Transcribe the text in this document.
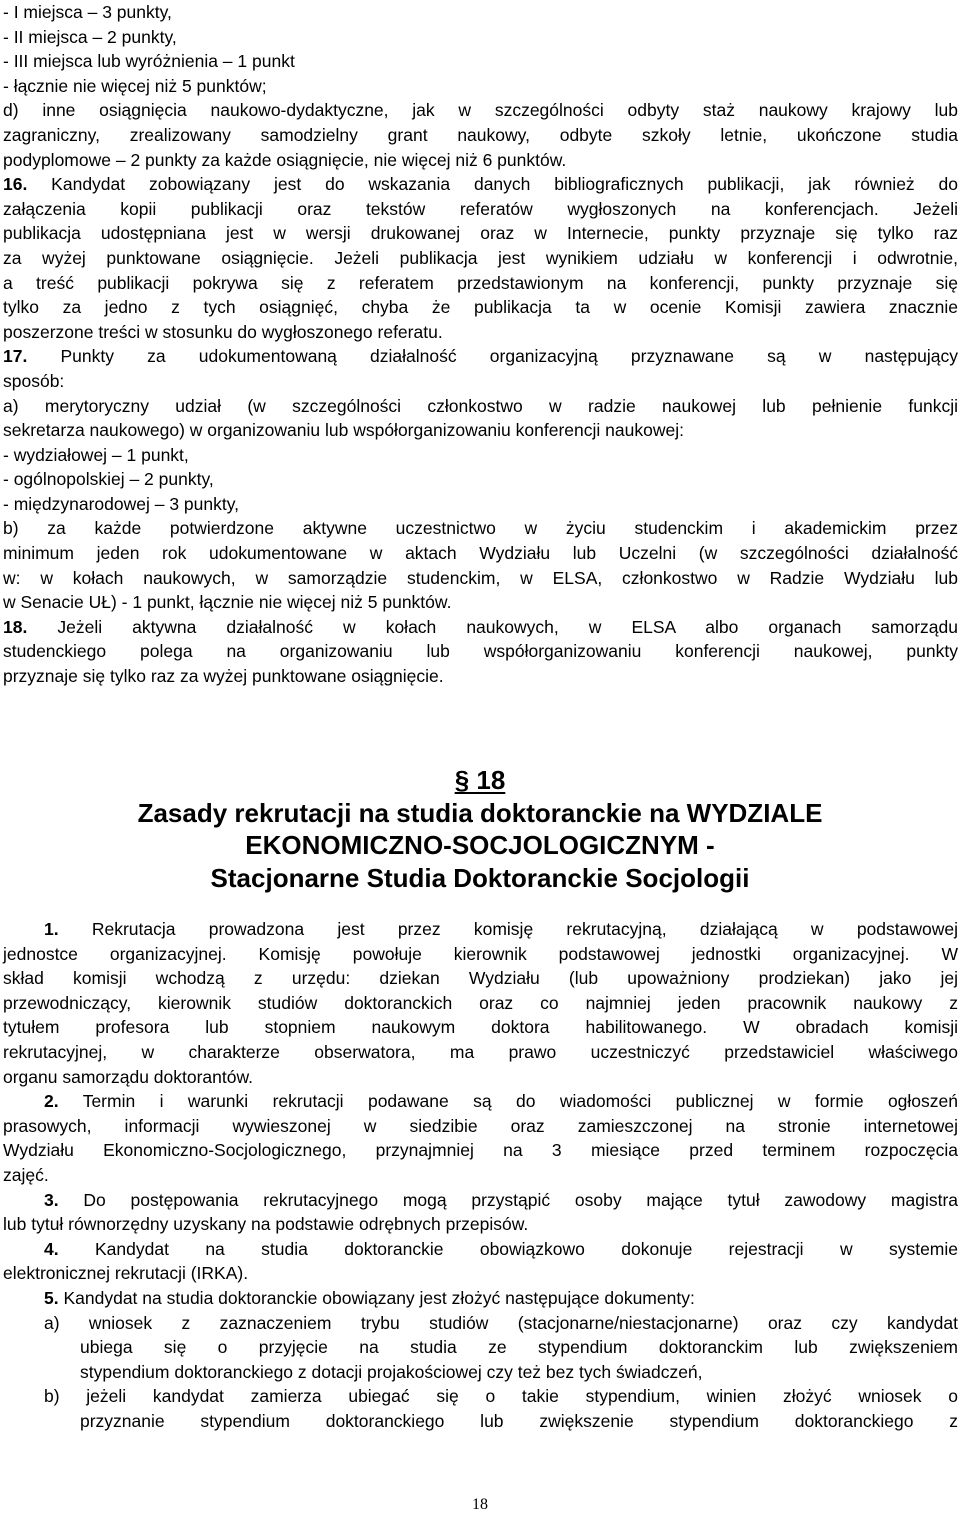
- I miejsca – 3 punkty,
- II miejsca – 2 punkty,
- III miejsca lub wyróżnienia – 1 punkt
- łącznie nie więcej niż 5 punktów;
d) inne osiągnięcia naukowo-dydaktyczne, jak w szczególności odbyty staż naukowy krajowy lub
zagraniczny, zrealizowany samodzielny grant naukowy, odbyte szkoły letnie, ukończone studia
podyplomowe – 2 punkty za każde osiągnięcie, nie więcej niż 6 punktów.
16. Kandydat zobowiązany jest do wskazania danych bibliograficznych publikacji, jak również do
załączenia kopii publikacji oraz tekstów referatów wygłoszonych na konferencjach. Jeżeli
publikacja udostępniana jest w wersji drukowanej oraz w Internecie, punkty przyznaje się tylko raz
za wyżej punktowane osiągnięcie. Jeżeli publikacja jest wynikiem udziału w konferencji i odwrotnie,
a treść publikacji pokrywa się z referatem przedstawionym na konferencji, punkty przyznaje się
tylko za jedno z tych osiągnięć, chyba że publikacja ta w ocenie Komisji zawiera znacznie
poszerzone treści w stosunku do wygłoszonego referatu.
17. Punkty za udokumentowaną działalność organizacyjną przyznawane są w następujący
sposób:
a) merytoryczny udział (w szczególności członkostwo w radzie naukowej lub pełnienie funkcji
sekretarza naukowego) w organizowaniu lub współorganizowaniu konferencji naukowej:
- wydziałowej – 1 punkt,
- ogólnopolskiej – 2 punkty,
- międzynarodowej – 3 punkty,
b) za każde potwierdzone aktywne uczestnictwo w życiu studenckim i akademickim przez
minimum jeden rok udokumentowane w aktach Wydziału lub Uczelni (w szczególności działalność
w: w kołach naukowych, w samorządzie studenckim, w ELSA, członkostwo w Radzie Wydziału lub
w Senacie UŁ) - 1 punkt, łącznie nie więcej niż 5 punktów.
18. Jeżeli aktywna działalność w kołach naukowych, w ELSA albo organach samorządu
studenckiego polega na organizowaniu lub współorganizowaniu konferencji naukowej, punkty
przyznaje się tylko raz za wyżej punktowane osiągnięcie.
§ 18
Zasady rekrutacji na studia doktoranckie na WYDZIALE
EKONOMICZNO-SOCJOLOGICZNYM -
Stacjonarne Studia Doktoranckie Socjologii
1. Rekrutacja prowadzona jest przez komisję rekrutacyjną, działającą w podstawowej
jednostce organizacyjnej. Komisję powołuje kierownik podstawowej jednostki organizacyjnej. W
skład komisji wchodzą z urzędu: dziekan Wydziału (lub upoważniony prodziekan) jako jej
przewodniczący, kierownik studiów doktoranckich oraz co najmniej jeden pracownik naukowy z
tytułem profesora lub stopniem naukowym doktora habilitowanego. W obradach komisji
rekrutacyjnej, w charakterze obserwatora, ma prawo uczestniczyć przedstawiciel właściwego
organu samorządu doktorantów.
2. Termin i warunki rekrutacji podawane są do wiadomości publicznej w formie ogłoszeń
prasowych, informacji wywieszonej w siedzibie oraz zamieszczonej na stronie internetowej
Wydziału Ekonomiczno-Socjologicznego, przynajmniej na 3 miesiące przed terminem rozpoczęcia
zajęć.
3. Do postępowania rekrutacyjnego mogą przystąpić osoby mające tytuł zawodowy magistra
lub tytuł równorzędny uzyskany na podstawie odrębnych przepisów.
4. Kandydat na studia doktoranckie obowiązkowo dokonuje rejestracji w systemie
elektronicznej rekrutacji (IRKA).
5. Kandydat na studia doktoranckie obowiązany jest złożyć następujące dokumenty:
a) wniosek z zaznaczeniem trybu studiów (stacjonarne/niestacjonarne) oraz czy kandydat
ubiega się o przyjęcie na studia ze stypendium doktoranckim lub zwiększeniem
stypendium doktoranckiego z dotacji projakościowej czy też bez tych świadczeń,
b) jeżeli kandydat zamierza ubiegać się o takie stypendium, winien złożyć wniosek o
przyznanie stypendium doktoranckiego lub zwiększenie stypendium doktoranckiego z
18
